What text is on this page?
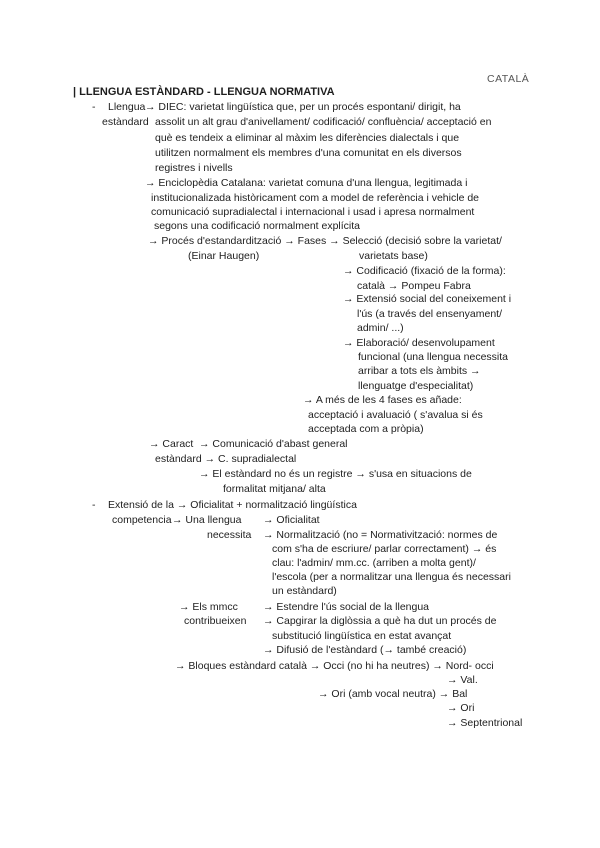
CATALÀ
| LLENGUA ESTÀNDARD - LLENGUA NORMATIVA
- Llengua → DIEC: varietat lingüística que, per un procés espontani/ dirigit, ha
estàndard assolit un alt grau d'anivellament/ codificació/ confluència/ acceptació en
què es tendeix a eliminar al màxim les diferències dialectals i que
utilitzen normalment els membres d'una comunitat en els diversos
registres i nivells
→ Enciclopèdia Catalana: varietat comuna d'una llengua, legitimada i
institucionalizada històricament com a model de referència i vehicle de
comunicació supradialectal i internacional i usad i apresa normalment
segons una codificació normalment explícita
→ Procés d'estandardització → Fases → Selecció (decisió sobre la varietat/
(Einar Haugen)	varietats base)
→ Codificació (fixació de la forma):
català → Pompeu Fabra
→ Extensió social del coneixement i
l'ús (a través del ensenyament/
admin/ ...)
→ Elaboració/ desenvolupament
funcional (una llengua necessita
arribar a tots els àmbits →
llenguatge d'especialitat)
→ A més de les 4 fases es añade:
acceptació i avaluació ( s'avalua si és
acceptada com a pròpia)
→ Caract → Comunicació d'abast general
estàndard → C. supradialectal
→ El estàndard no és un registre → s'usa en situacions de
formalitat mitjana/ alta
- Extensió de la → Oficialitat + normalització lingüística
competencia → Una llengua → Oficialitat
necessita → Normalització (no = Normativització: normes de
com s'ha de escriure/ parlar correctament) → és
clau: l'admin/ mm.cc. (arriben a molta gent)/
l'escola (per a normalitzar una llengua és necessari
un estàndard)
→ Els mmcc → Estendre l'ús social de la llengua
contribueixen → Capgirar la diglòssia a què ha dut un procés de
substitució lingüística en estat avançat
→ Difusió de l'estàndard (→ també creació)
→ Bloques estàndard català → Occi (no hi ha neutres) → Nord- occi
→ Val.
→ Ori (amb vocal neutra) → Bal
→ Ori
→ Septentrional
